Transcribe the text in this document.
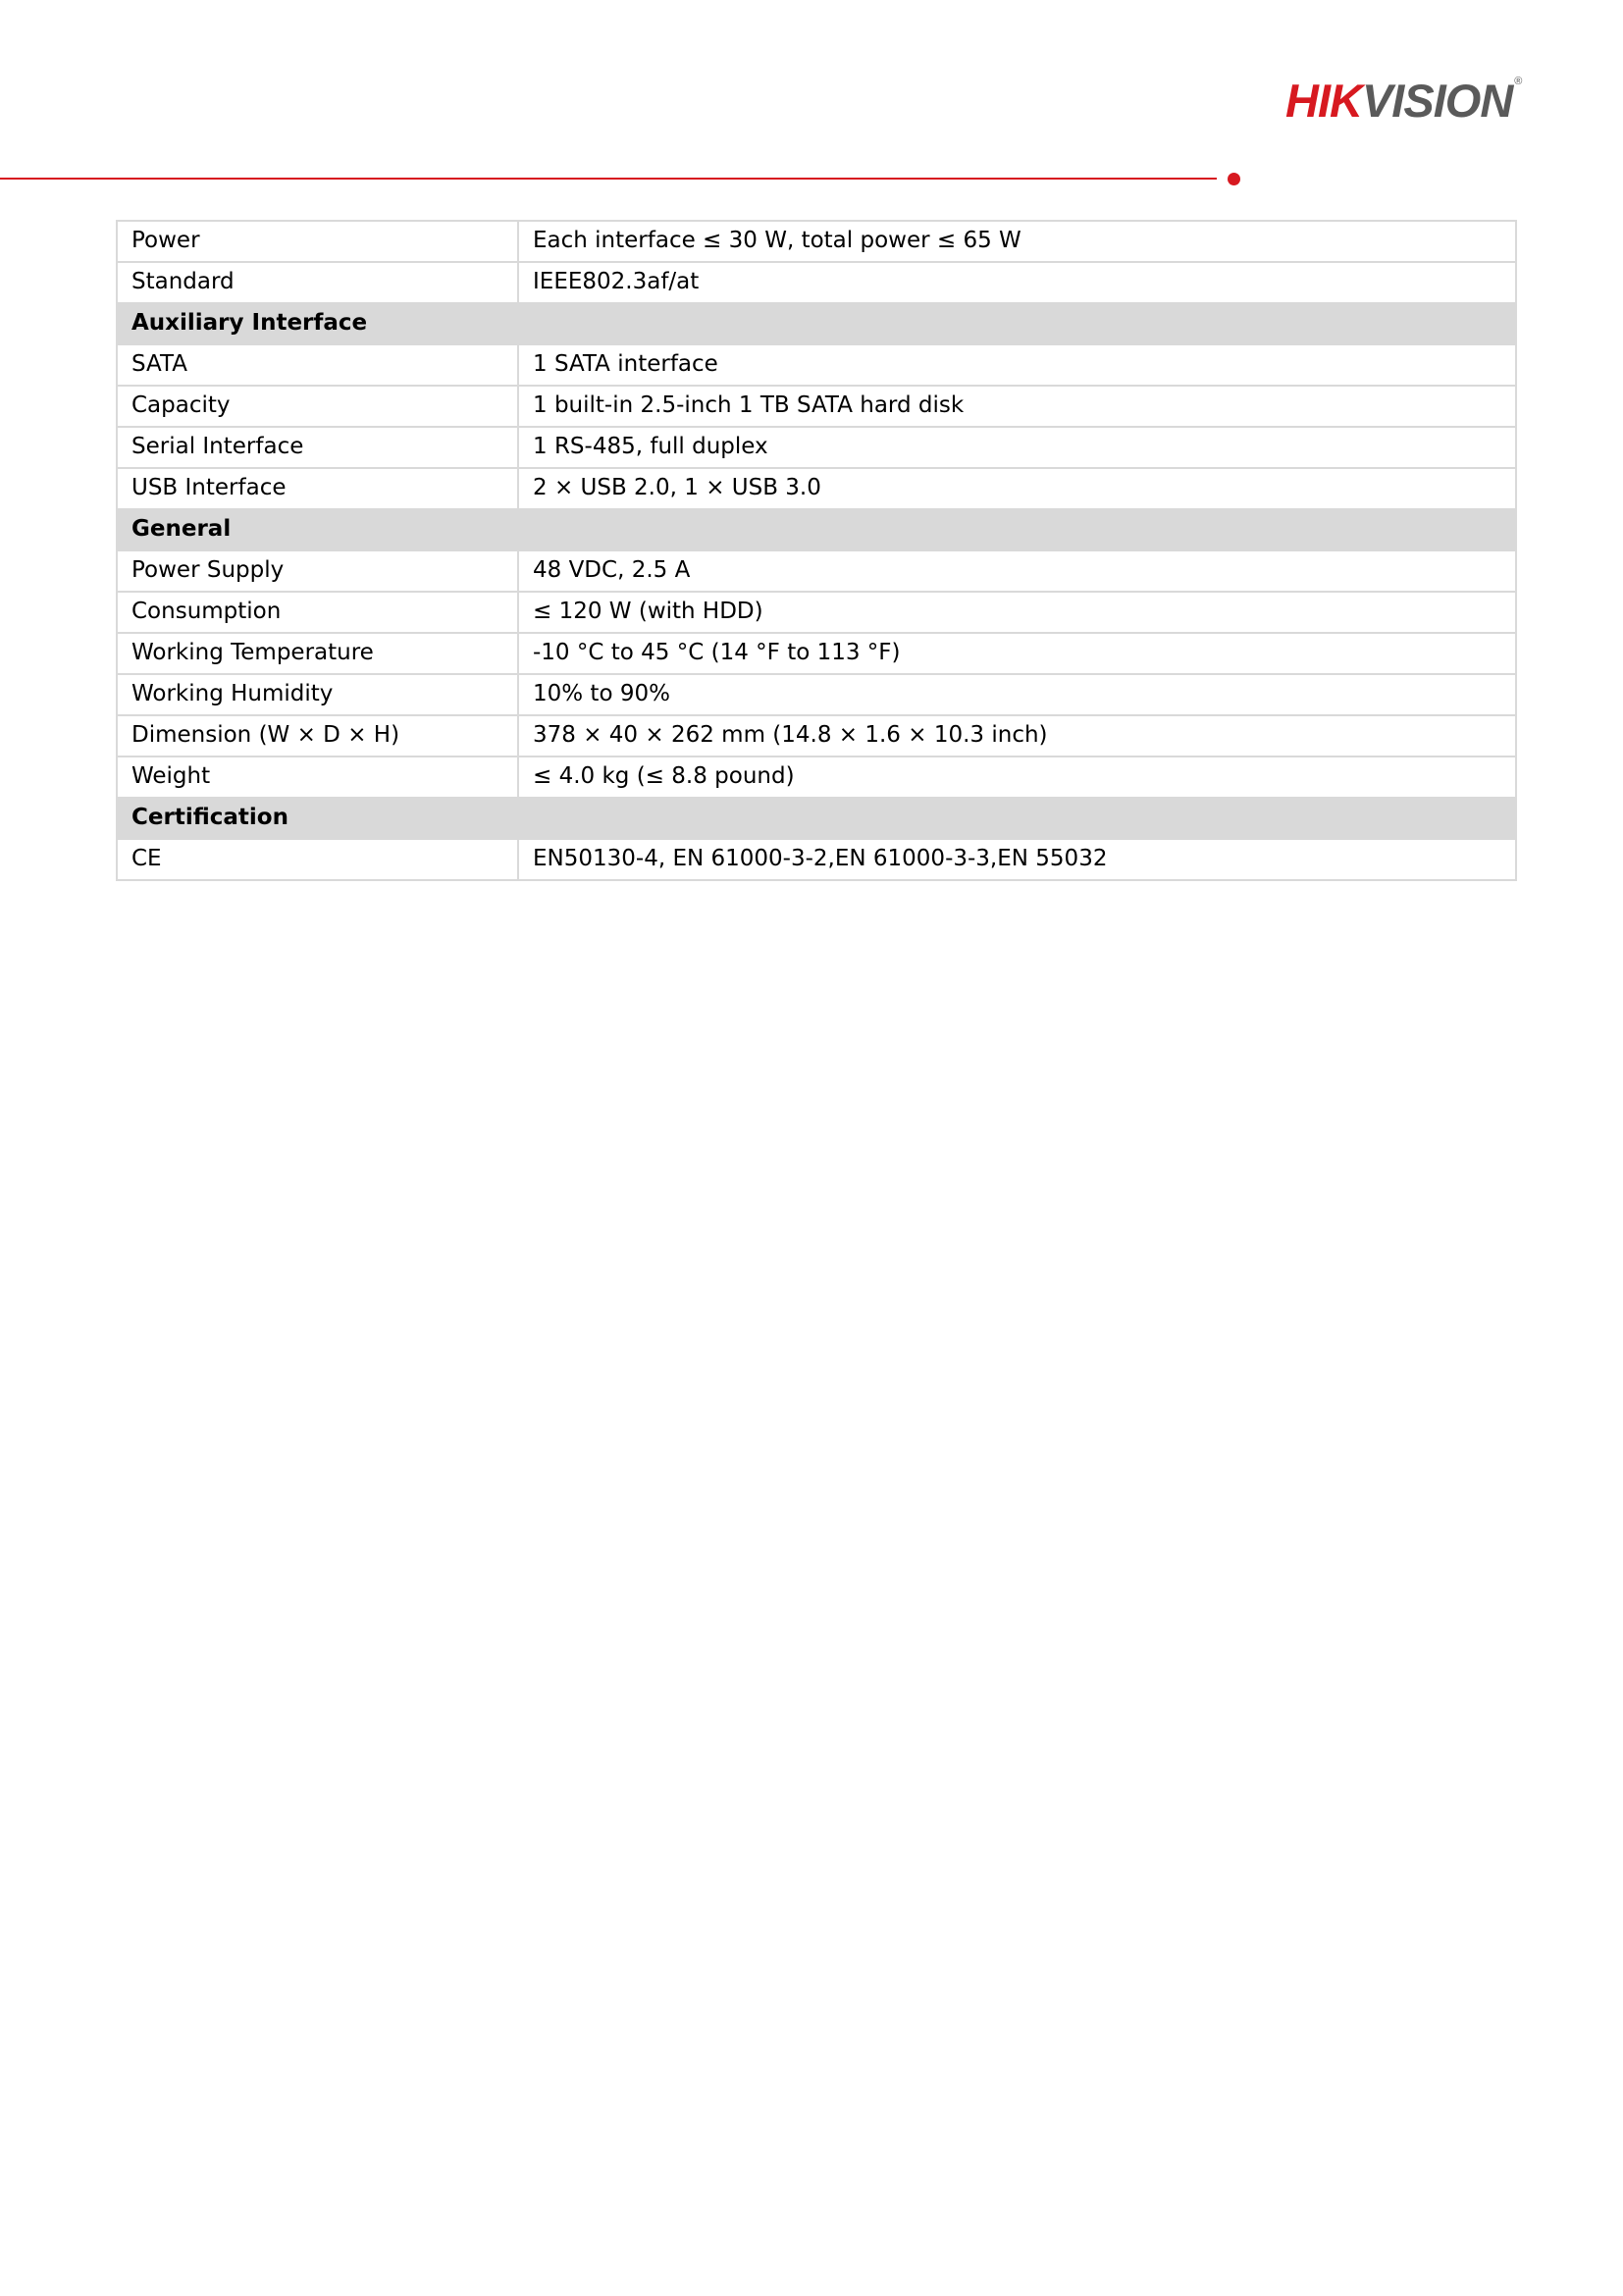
HIK VISION ®
Power	Each interface ≤ 30 W, total power ≤ 65 W
Standard	IEEE802.3af/at
Auxiliary Interface	
SATA	1 SATA interface
Capacity	1 built-in 2.5-inch 1 TB SATA hard disk
Serial Interface	1 RS-485, full duplex
USB Interface	2 × USB 2.0, 1 × USB 3.0
General	
Power Supply	48 VDC, 2.5 A
Consumption	≤ 120 W (with HDD)
Working Temperature	-10 °C to 45 °C (14 °F to 113 °F)
Working Humidity	10% to 90%
Dimension (W × D × H)	378 × 40 × 262 mm (14.8 × 1.6 × 10.3 inch)
Weight	≤ 4.0 kg (≤ 8.8 pound)
Certification	
CE	EN50130-4, EN 61000-3-2,EN 61000-3-3,EN 55032
